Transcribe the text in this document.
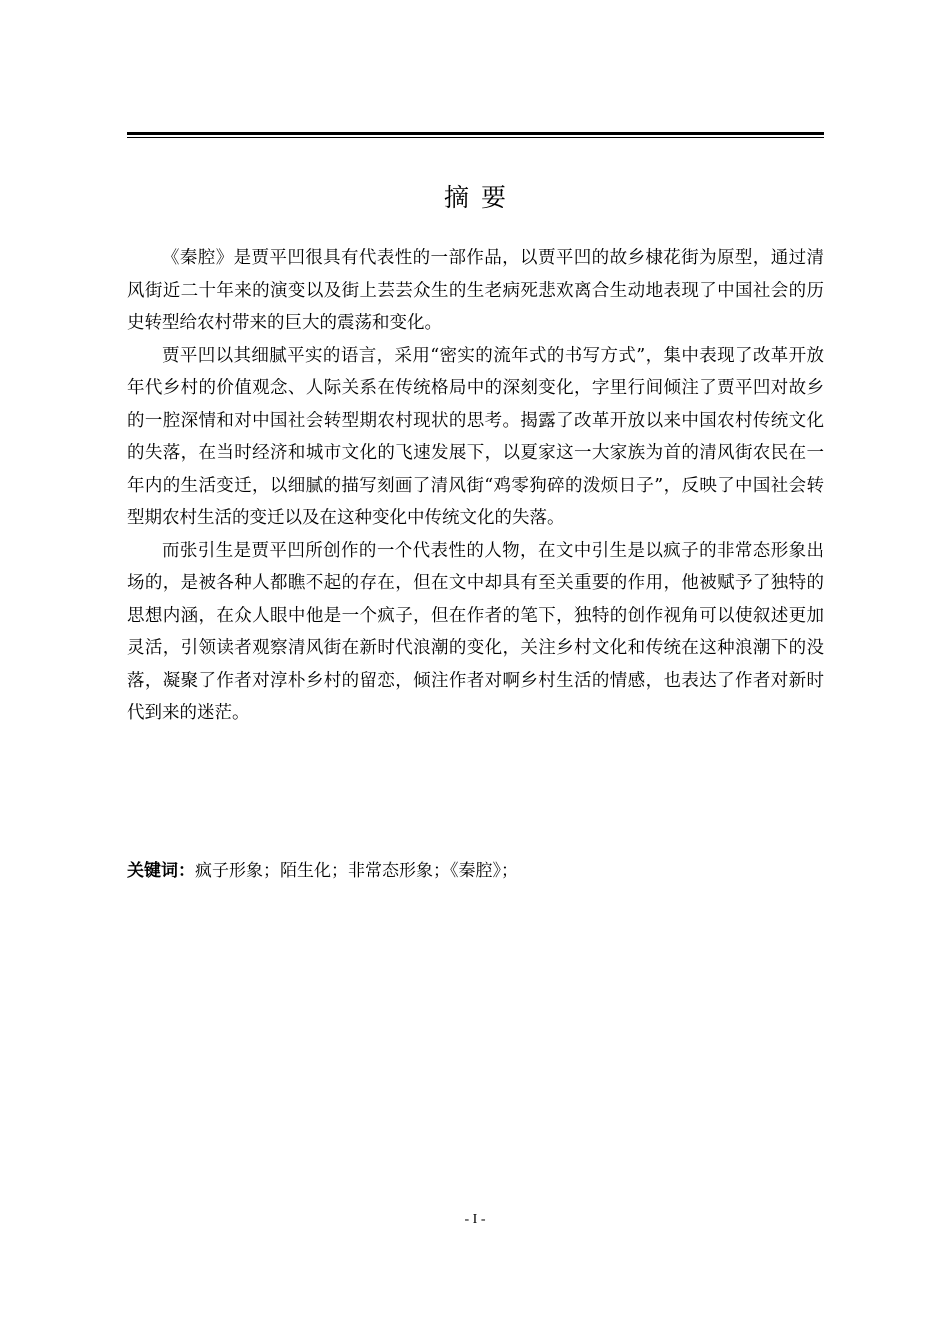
摘要

《秦腔》是贾平凹很具有代表性的一部作品，以贾平凹的故乡棣花街为原型，通过清风街近二十年来的演变以及街上芸芸众生的生老病死悲欢离合生动地表现了中国社会的历史转型给农村带来的巨大的震荡和变化。

贾平凹以其细腻平实的语言，采用“密实的流年式的书写方式”，集中表现了改革开放年代乡村的价值观念、人际关系在传统格局中的深刻变化，字里行间倾注了贾平凹对故乡的一腔深情和对中国社会转型期农村现状的思考。揭露了改革开放以来中国农村传统文化的失落，在当时经济和城市文化的飞速发展下，以夏家这一大家族为首的清风街农民在一年内的生活变迁，以细腻的描写刻画了清风街“鸡零狗碎的泼烦日子”，反映了中国社会转型期农村生活的变迁以及在这种变化中传统文化的失落。

而张引生是贾平凹所创作的一个代表性的人物，在文中引生是以疯子的非常态形象出场的，是被各种人都瞧不起的存在，但在文中却具有至关重要的作用，他被赋予了独特的思想内涵，在众人眼中他是一个疯子，但在作者的笔下，独特的创作视角可以使叙述更加灵活，引领读者观察清风街在新时代浪潮的变化，关注乡村文化和传统在这种浪潮下的没落，凝聚了作者对淳朴乡村的留恋，倾注作者对啊乡村生活的情感，也表达了作者对新时代到来的迷茫。

关键词：疯子形象；陌生化；非常态形象；《秦腔》；
- I -
